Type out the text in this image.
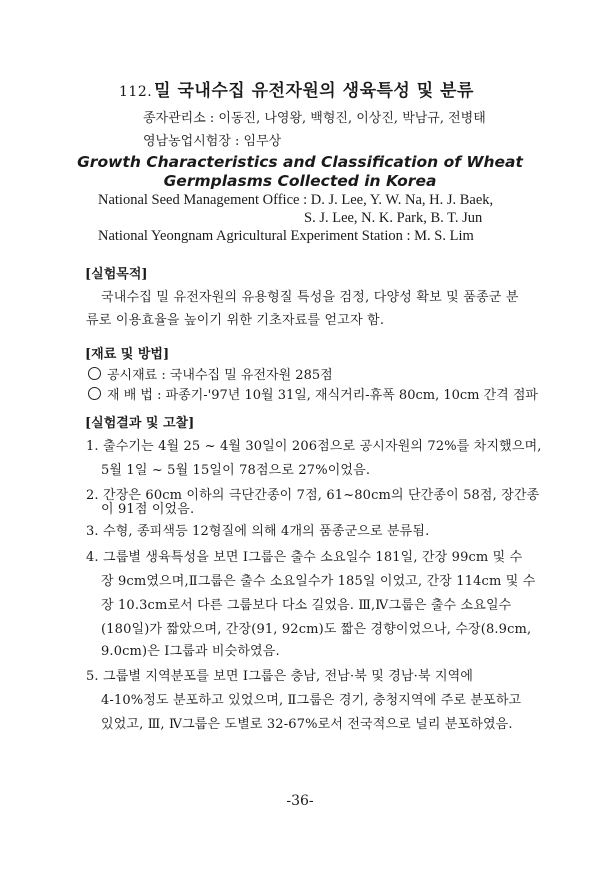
112. 밀 국내수집 유전자원의 생육특성 및 분류
종자관리소 : 이동진, 나영왕, 백형진, 이상진, 박남규, 전병태
영남농업시험장 : 임무상
Growth Characteristics and Classification of Wheat
Germplasms Collected in Korea
National Seed Management Office : D. J. Lee, Y. W. Na, H. J. Baek,
S. J. Lee, N. K. Park, B. T. Jun
National Yeongnam Agricultural Experiment Station : M. S. Lim
[실험목적]
국내수집 밀 유전자원의 유용형질 특성을 검정, 다양성 확보 및 품종군 분
류로 이용효율을 높이기 위한 기초자료를 얻고자 함.
[재료 및 방법]
공시재료 : 국내수집 밀 유전자원 285점
재 배 법 : 파종기-'97년 10월 31일, 재식거리-휴폭 80cm, 10cm 간격 점파
[실험결과 및 고찰]
1. 출수기는 4월 25 ~ 4월 30일이 206점으로 공시자원의 72%를 차지했으며,
5월 1일 ~ 5월 15일이 78점으로 27%이었음.
2. 간장은 60cm 이하의 극단간종이 7점, 61~80cm의 단간종이 58점, 장간종
이 91점 이었음.
3. 수형, 종피색등 12형질에 의해 4개의 품종군으로 분류됨.
4. 그룹별 생육특성을 보면 I그룹은 출수 소요일수 181일, 간장 99cm 및 수
장 9cm였으며,Ⅱ그룹은 출수 소요일수가 185일 이었고, 간장 114cm 및 수
장 10.3cm로서 다른 그룹보다 다소 길었음. Ⅲ,Ⅳ그룹은 출수 소요일수
(180일)가 짧았으며, 간장(91, 92cm)도 짧은 경향이었으나, 수장(8.9cm,
9.0cm)은 I그룹과 비슷하였음.
5. 그룹별 지역분포를 보면 I그룹은 충남, 전남·북 및 경남·북 지역에
4-10%정도 분포하고 있었으며, Ⅱ그룹은 경기, 충청지역에 주로 분포하고
있었고, Ⅲ, Ⅳ그룹은 도별로 32-67%로서 전국적으로 널리 분포하였음.
-36-
